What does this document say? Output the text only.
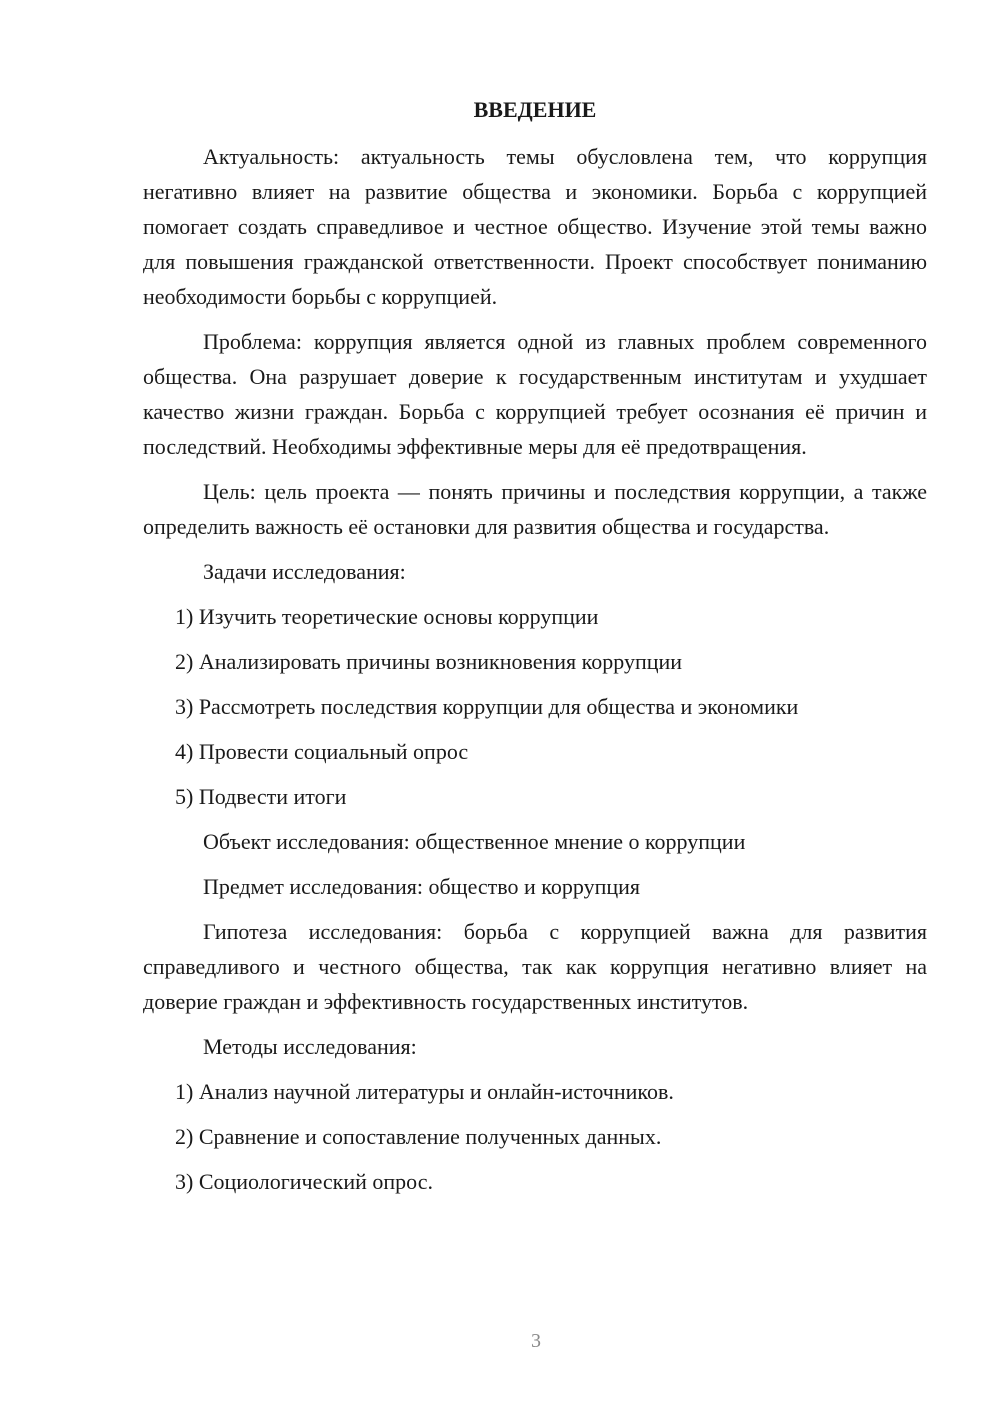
ВВЕДЕНИЕ

Актуальность: актуальность темы обусловлена тем, что коррупция негативно влияет на развитие общества и экономики. Борьба с коррупцией помогает создать справедливое и честное общество. Изучение этой темы важно для повышения гражданской ответственности. Проект способствует пониманию необходимости борьбы с коррупцией.

Проблема: коррупция является одной из главных проблем современного общества. Она разрушает доверие к государственным институтам и ухудшает качество жизни граждан. Борьба с коррупцией требует осознания её причин и последствий. Необходимы эффективные меры для её предотвращения.

Цель: цель проекта — понять причины и последствия коррупции, а также определить важность её остановки для развития общества и государства.

Задачи исследования:

1) Изучить теоретические основы коррупции
2) Анализировать причины возникновения коррупции
3) Рассмотреть последствия коррупции для общества и экономики
4) Провести социальный опрос
5) Подвести итоги

Объект исследования: общественное мнение о коррупции

Предмет исследования: общество и коррупция

Гипотеза исследования: борьба с коррупцией важна для развития справедливого и честного общества, так как коррупция негативно влияет на доверие граждан и эффективность государственных институтов.

Методы исследования:

1) Анализ научной литературы и онлайн-источников.
2) Сравнение и сопоставление полученных данных.
3) Социологический опрос.
3
